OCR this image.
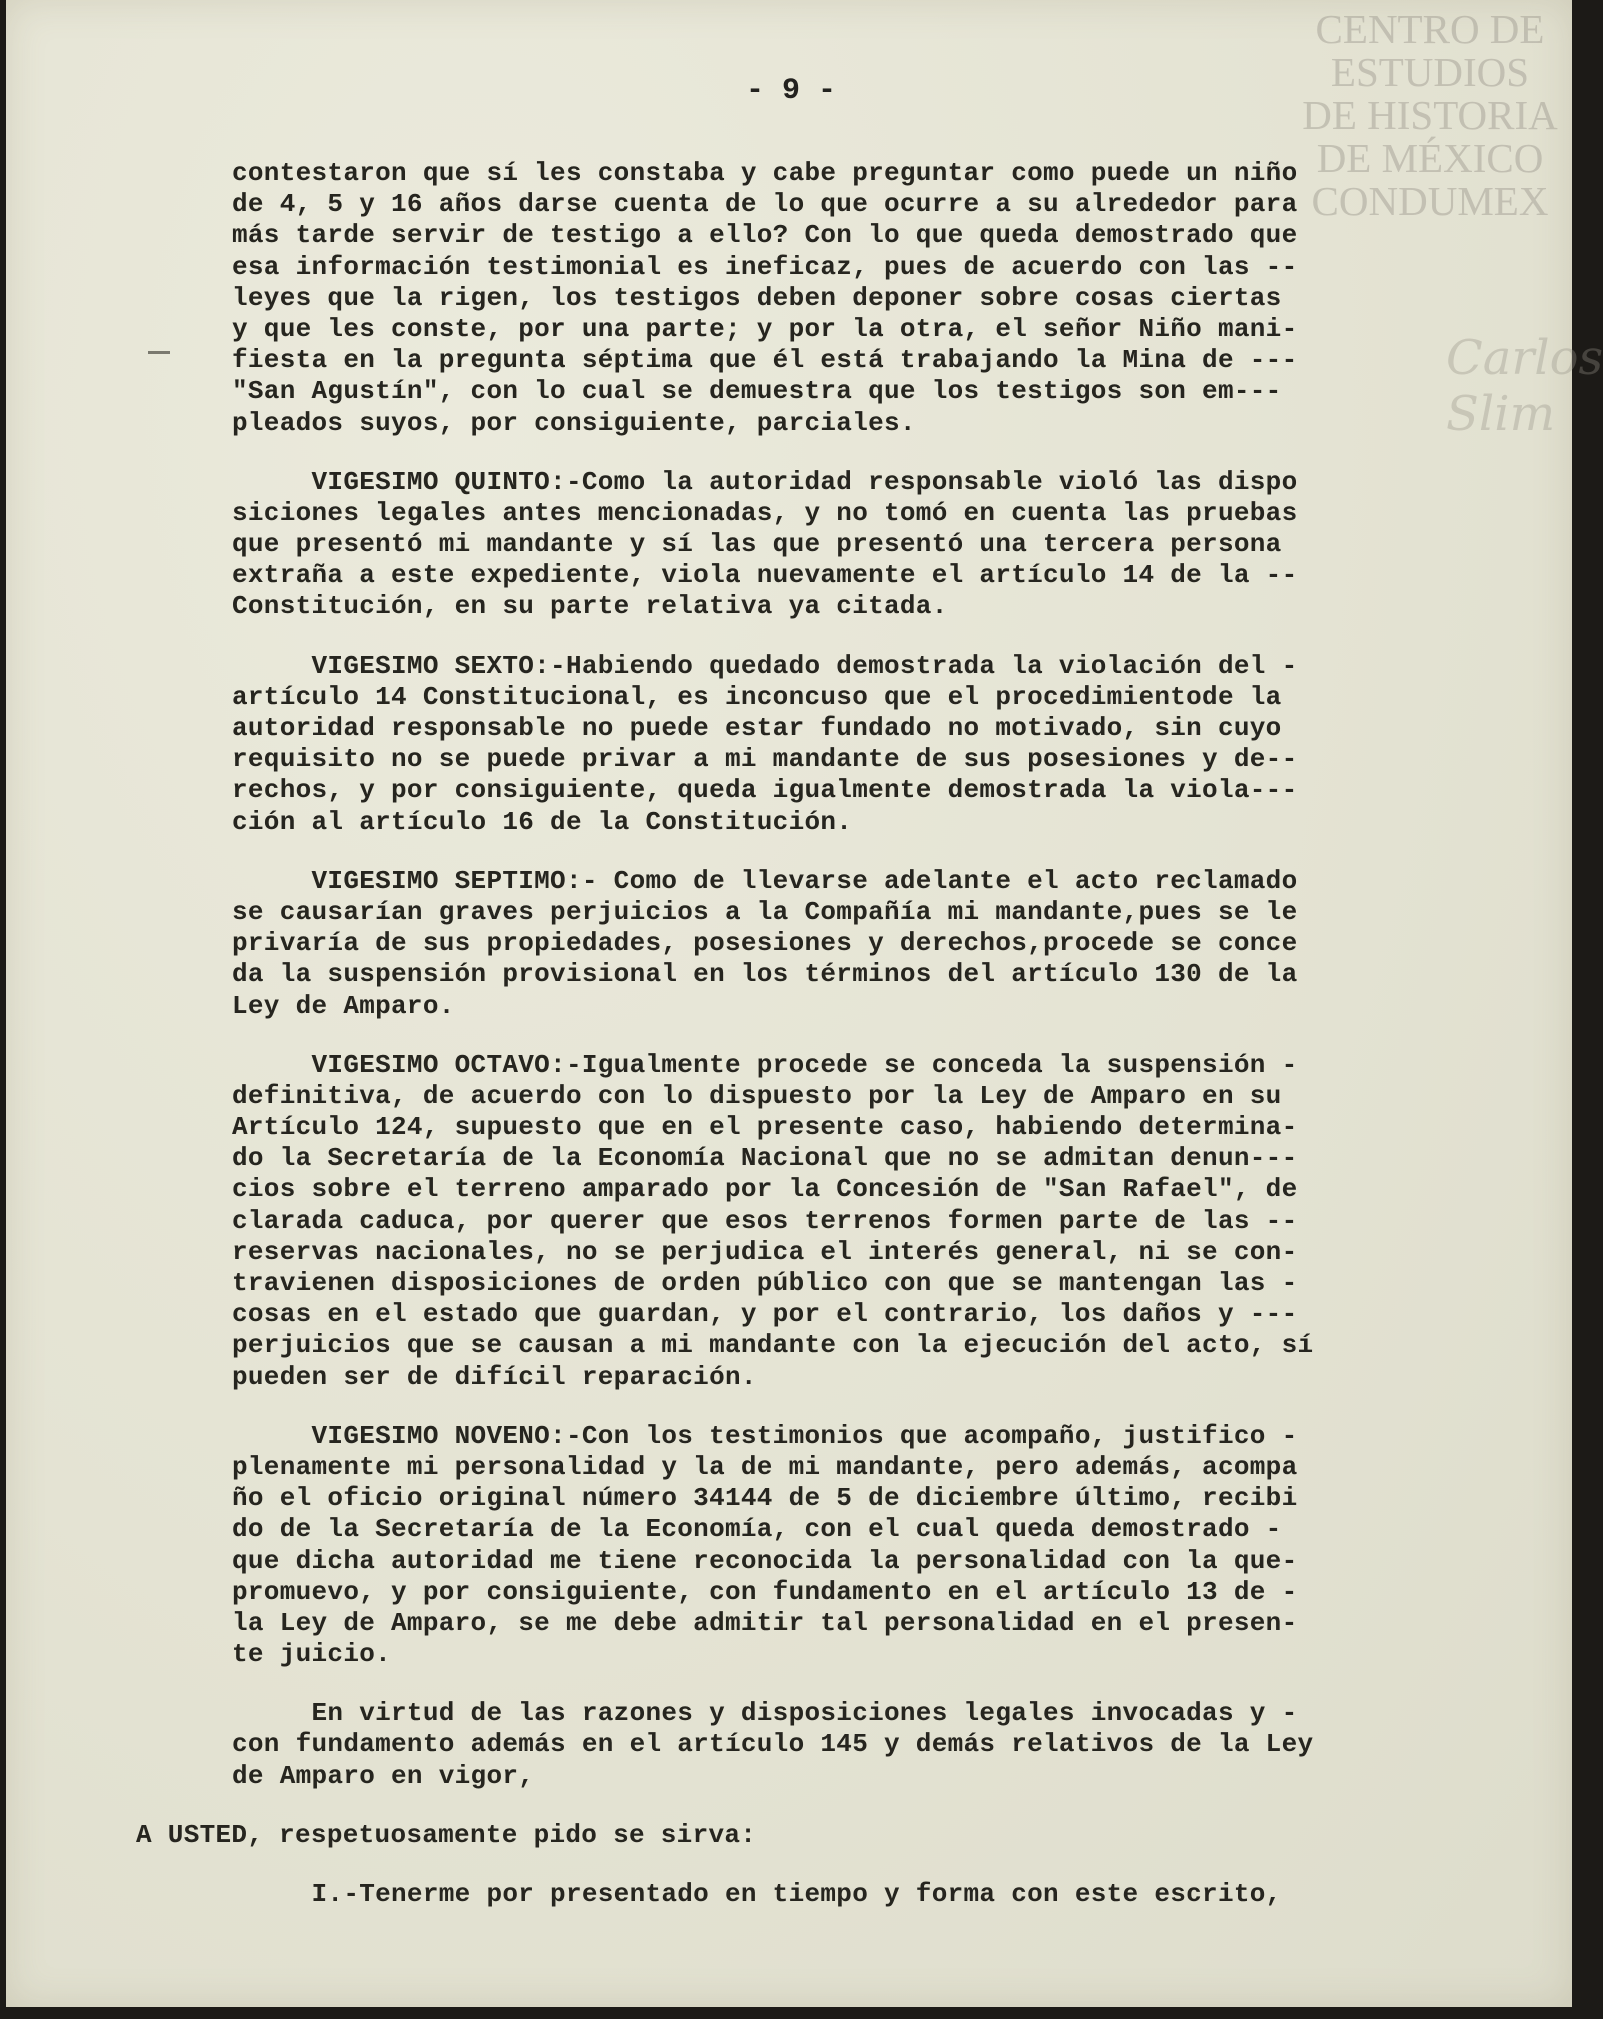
CENTRO DE
ESTUDIOS
DE HISTORIA
DE MÉXICO
CONDUMEX
Carlos Slim
- 9 -
contestaron que sí les constaba y cabe preguntar como puede un niño
de 4, 5 y 16 años darse cuenta de lo que ocurre a su alrededor para
más tarde servir de testigo a ello? Con lo que queda demostrado que
esa información testimonial es ineficaz, pues de acuerdo con las --
leyes que la rigen, los testigos deben deponer sobre cosas ciertas
y que les conste, por una parte; y por la otra, el señor Niño mani-
fiesta en la pregunta séptima que él está trabajando la Mina de ---
"San Agustín", con lo cual se demuestra que los testigos son em---
pleados suyos, por consiguiente, parciales.
VIGESIMO QUINTO:-Como la autoridad responsable violó las dispo
siciones legales antes mencionadas, y no tomó en cuenta las pruebas
que presentó mi mandante y sí las que presentó una tercera persona
extraña a este expediente, viola nuevamente el artículo 14 de la --
Constitución, en su parte relativa ya citada.
VIGESIMO SEXTO:-Habiendo quedado demostrada la violación del -
artículo 14 Constitucional, es inconcuso que el procedimientode la
autoridad responsable no puede estar fundado no motivado, sin cuyo
requisito no se puede privar a mi mandante de sus posesiones y de--
rechos, y por consiguiente, queda igualmente demostrada la viola---
ción al artículo 16 de la Constitución.
VIGESIMO SEPTIMO:- Como de llevarse adelante el acto reclamado
se causarían graves perjuicios a la Compañía mi mandante,pues se le
privaría de sus propiedades, posesiones y derechos,procede se conce
da la suspensión provisional en los términos del artículo 130 de la
Ley de Amparo.
VIGESIMO OCTAVO:-Igualmente procede se conceda la suspensión -
definitiva, de acuerdo con lo dispuesto por la Ley de Amparo en su
Artículo 124, supuesto que en el presente caso, habiendo determina-
do la Secretaría de la Economía Nacional que no se admitan denun---
cios sobre el terreno amparado por la Concesión de "San Rafael", de
clarada caduca, por querer que esos terrenos formen parte de las --
reservas nacionales, no se perjudica el interés general, ni se con-
travienen disposiciones de orden público con que se mantengan las -
cosas en el estado que guardan, y por el contrario, los daños y ---
perjuicios que se causan a mi mandante con la ejecución del acto, sí
pueden ser de difícil reparación.
VIGESIMO NOVENO:-Con los testimonios que acompaño, justifico -
plenamente mi personalidad y la de mi mandante, pero además, acompa
ño el oficio original número 34144 de 5 de diciembre último, recibi
do de la Secretaría de la Economía, con el cual queda demostrado -
que dicha autoridad me tiene reconocida la personalidad con la que-
promuevo, y por consiguiente, con fundamento en el artículo 13 de -
la Ley de Amparo, se me debe admitir tal personalidad en el presen-
te juicio.
En virtud de las razones y disposiciones legales invocadas y -
con fundamento además en el artículo 145 y demás relativos de la Ley
de Amparo en vigor,
A USTED, respetuosamente pido se sirva:
I.-Tenerme por presentado en tiempo y forma con este escrito,
